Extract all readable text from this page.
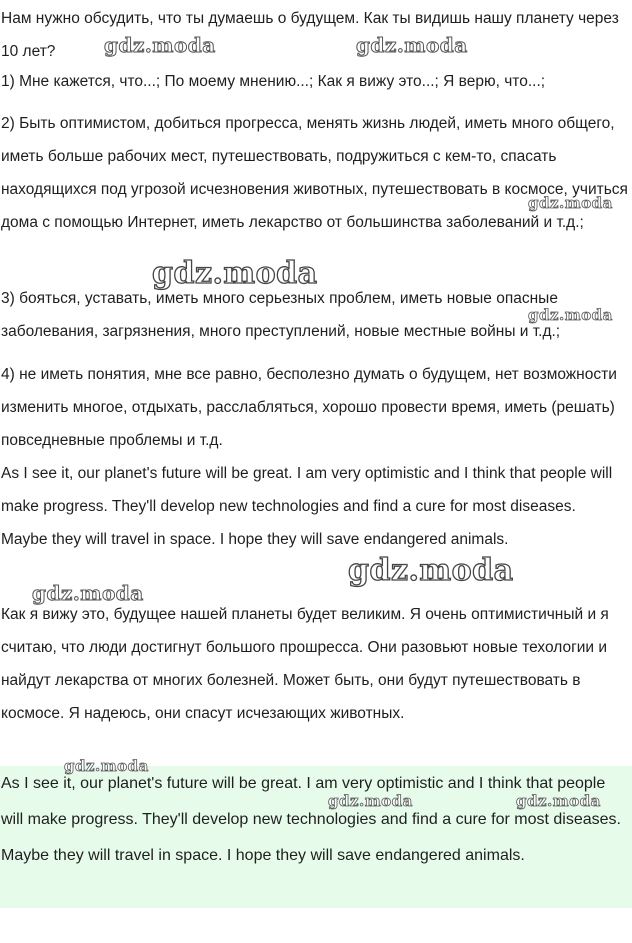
Нам нужно обсудить, что ты думаешь о будущем. Как ты видишь нашу планету через 10 лет?

1) Мне кажется, что...; По моему мнению...; Как я вижу это...; Я верю, что...;

2) Быть оптимистом, добиться прогресса, менять жизнь людей, иметь много общего, иметь больше рабочих мест, путешествовать, подружиться с кем-то, спасать находящихся под угрозой исчезновения животных, путешествовать в космосе, учиться дома с помощью Интернет, иметь лекарство от большинства заболеваний и т.д.;

3) бояться, уставать, иметь много серьезных проблем, иметь новые опасные заболевания, загрязнения, много преступлений, новые местные войны и т.д.;

4) не иметь понятия, мне все равно, бесполезно думать о будущем, нет возможности изменить многое, отдыхать, расслабляться, хорошо провести время, иметь (решать) повседневные проблемы и т.д.

As I see it, our planet's future will be great. I am very optimistic and I think that people will make progress. They'll develop new technologies and find a cure for most diseases. Maybe they will travel in space. I hope they will save endangered animals.

Как я вижу это, будущее нашей планеты будет великим. Я очень оптимистичный и я считаю, что люди достигнут большого прошресса. Они разовьют новые техологии и найдут лекарства от многих болезней. Может быть, они будут путешествовать в космосе. Я надеюсь, они спасут исчезающих животных.

As I see it, our planet's future will be great. I am very optimistic and I think that people will make progress. They'll develop new technologies and find a cure for most diseases. Maybe they will travel in space. I hope they will save endangered animals.

gdz.moda	gdz.moda
gdz.moda
gdz.moda
gdz.moda
gdz.moda
gdz.moda
gdz.moda
gdz.moda	gdz.moda
